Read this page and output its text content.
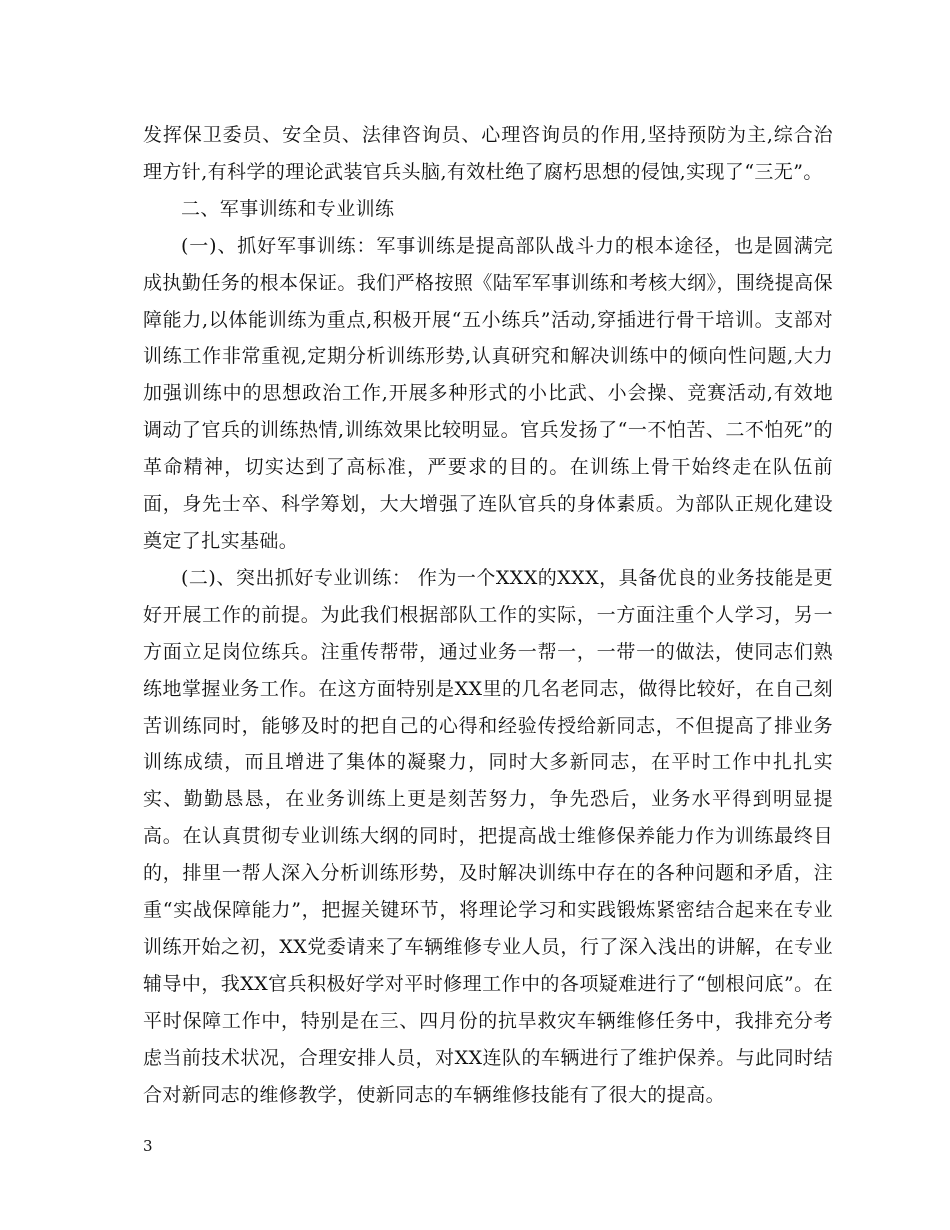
发挥保卫委员、安全员、法律咨询员、心理咨询员的作用,坚持预防为主,综合治理方针,有科学的理论武装官兵头脑,有效杜绝了腐朽思想的侵蚀,实现了“三无”。

二、军事训练和专业训练

(一)、抓好军事训练：军事训练是提高部队战斗力的根本途径，也是圆满完成执勤任务的根本保证。我们严格按照《陆军军事训练和考核大纲》，围绕提高保障能力,以体能训练为重点,积极开展“五小练兵”活动,穿插进行骨干培训。支部对训练工作非常重视,定期分析训练形势,认真研究和解决训练中的倾向性问题,大力加强训练中的思想政治工作,开展多种形式的小比武、小会操、竞赛活动,有效地调动了官兵的训练热情,训练效果比较明显。官兵发扬了“一不怕苦、二不怕死”的革命精神，切实达到了高标准，严要求的目的。在训练上骨干始终走在队伍前面，身先士卒、科学筹划，大大增强了连队官兵的身体素质。为部队正规化建设奠定了扎实基础。

(二)、突出抓好专业训练： 作为一个XXX的XXX，具备优良的业务技能是更好开展工作的前提。为此我们根据部队工作的实际，一方面注重个人学习，另一方面立足岗位练兵。注重传帮带，通过业务一帮一，一带一的做法，使同志们熟练地掌握业务工作。在这方面特别是XX里的几名老同志，做得比较好，在自己刻苦训练同时，能够及时的把自己的心得和经验传授给新同志，不但提高了排业务训练成绩，而且增进了集体的凝聚力，同时大多新同志，在平时工作中扎扎实实、勤勤恳恳，在业务训练上更是刻苦努力，争先恐后，业务水平得到明显提高。在认真贯彻专业训练大纲的同时，把提高战士维修保养能力作为训练最终目的，排里一帮人深入分析训练形势，及时解决训练中存在的各种问题和矛盾，注重“实战保障能力”，把握关键环节，将理论学习和实践锻炼紧密结合起来在专业训练开始之初，XX党委请来了车辆维修专业人员，行了深入浅出的讲解，在专业辅导中，我XX官兵积极好学对平时修理工作中的各项疑难进行了“刨根问底”。在平时保障工作中，特别是在三、四月份的抗旱救灾车辆维修任务中，我排充分考虑当前技术状况，合理安排人员，对XX连队的车辆进行了维护保养。与此同时结合对新同志的维修教学，使新同志的车辆维修技能有了很大的提高。

3
